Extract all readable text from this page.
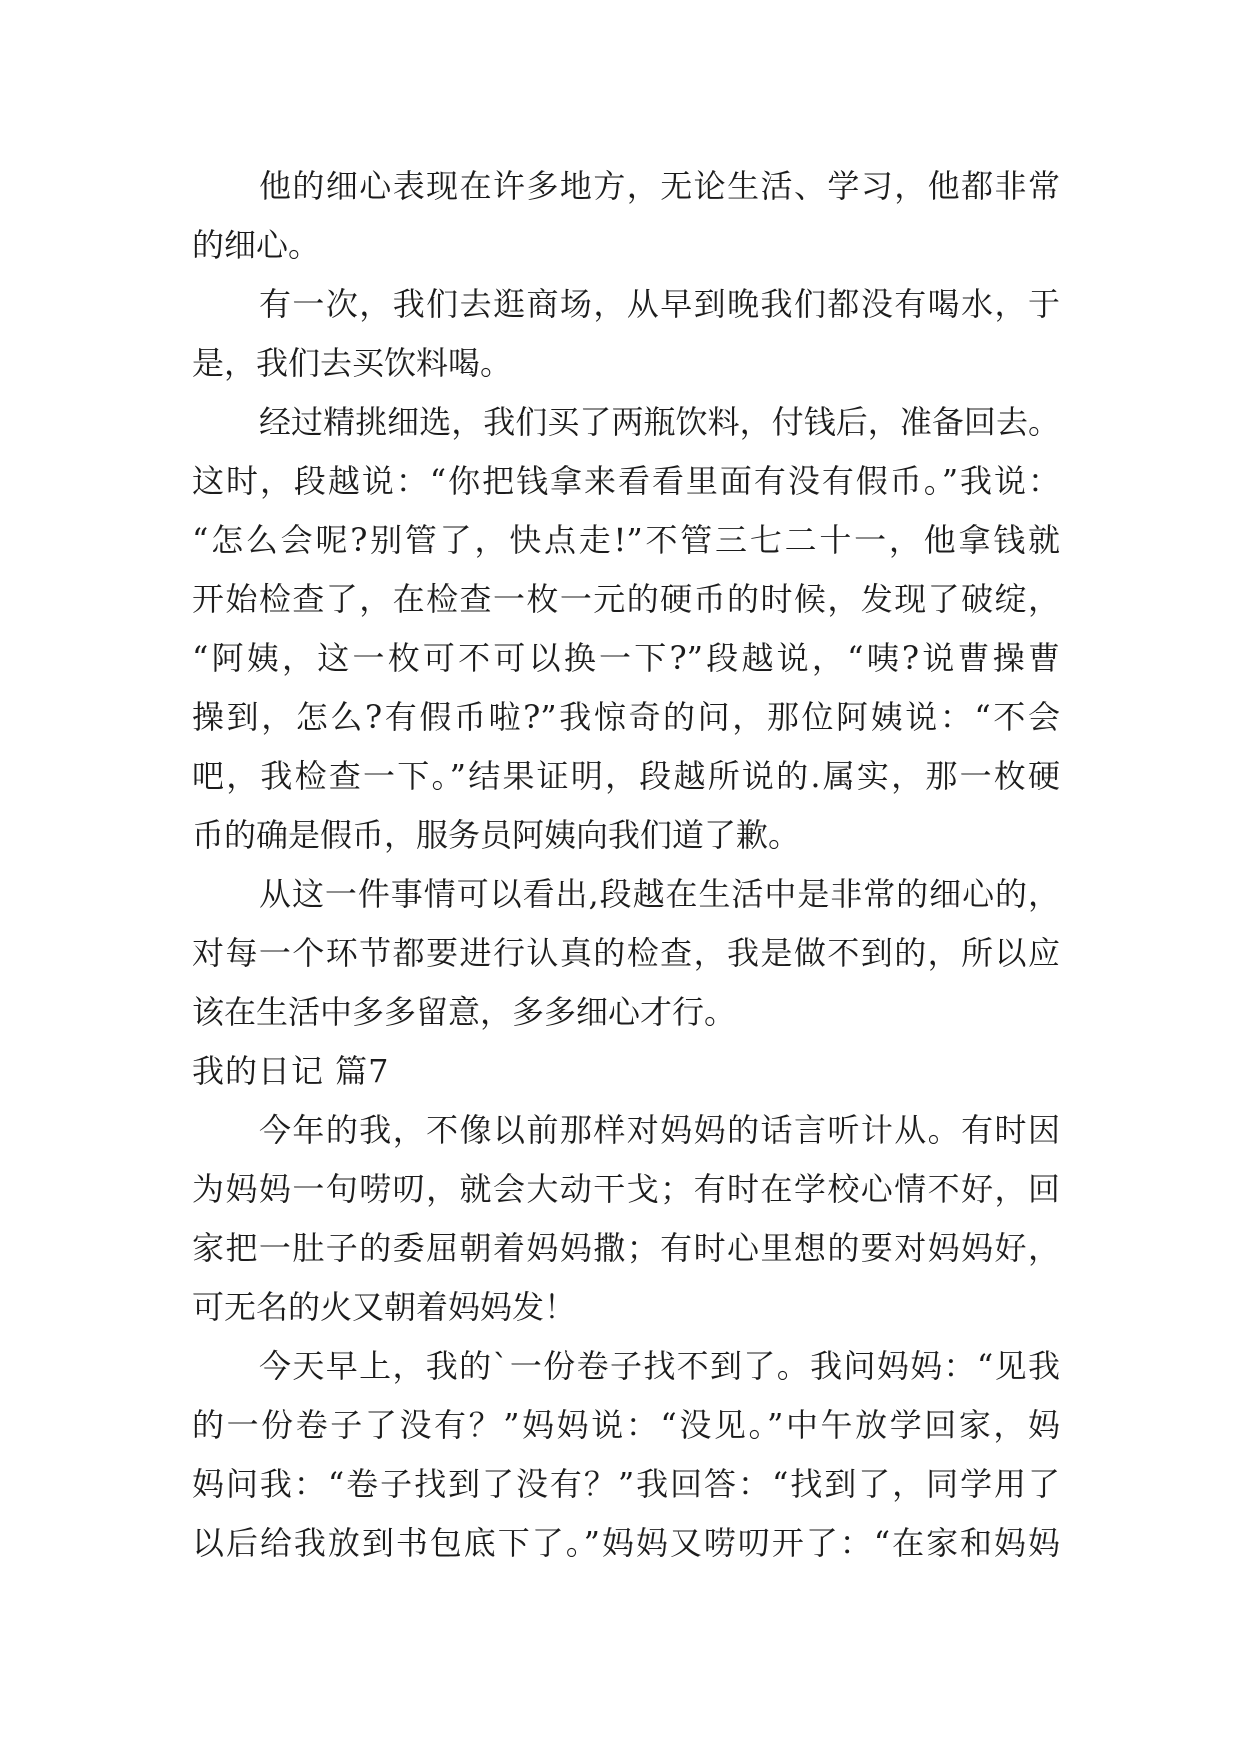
他的细心表现在许多地方，无论生活、学习，他都非常
的细心。
有一次，我们去逛商场，从早到晚我们都没有喝水，于
是，我们去买饮料喝。
经过精挑细选，我们买了两瓶饮料，付钱后，准备回去。
这时，段越说：“你把钱拿来看看里面有没有假币。”我说：
“怎么会呢?别管了，快点走!”不管三七二十一，他拿钱就
开始检查了，在检查一枚一元的硬币的时候，发现了破绽，
“阿姨，这一枚可不可以换一下?”段越说，“咦?说曹操曹
操到，怎么?有假币啦?”我惊奇的问，那位阿姨说：“不会
吧，我检查一下。”结果证明，段越所说的.属实，那一枚硬
币的确是假币，服务员阿姨向我们道了歉。
从这一件事情可以看出,段越在生活中是非常的细心的，
对每一个环节都要进行认真的检查，我是做不到的，所以应
该在生活中多多留意，多多细心才行。
我的日记 篇7
今年的我，不像以前那样对妈妈的话言听计从。有时因
为妈妈一句唠叨，就会大动干戈；有时在学校心情不好，回
家把一肚子的委屈朝着妈妈撒；有时心里想的要对妈妈好，
可无名的火又朝着妈妈发！
今天早上，我的`一份卷子找不到了。我问妈妈：“见我
的一份卷子了没有？”妈妈说：“没见。”中午放学回家，妈
妈问我：“卷子找到了没有？”我回答：“找到了，同学用了
以后给我放到书包底下了。”妈妈又唠叨开了：“在家和妈妈
